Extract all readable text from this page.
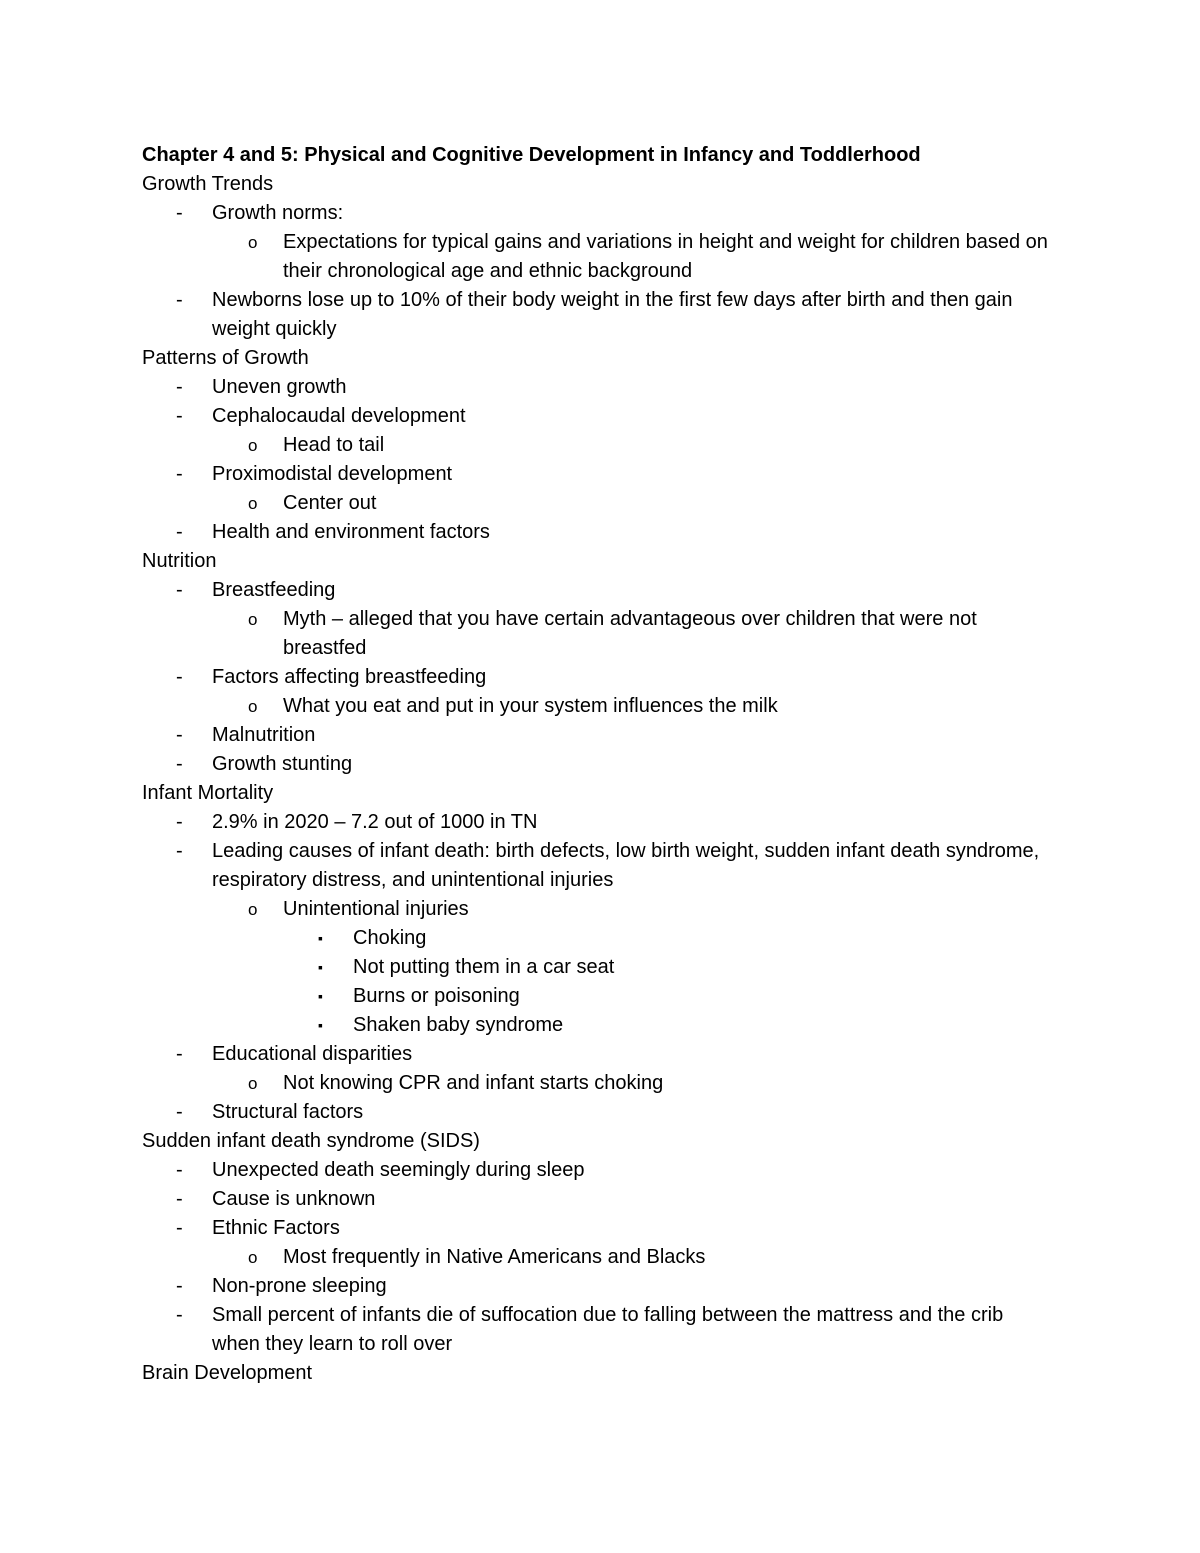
Chapter 4 and 5: Physical and Cognitive Development in Infancy and Toddlerhood
Growth Trends
- Growth norms:
o Expectations for typical gains and variations in height and weight for children based on their chronological age and ethnic background
- Newborns lose up to 10% of their body weight in the first few days after birth and then gain weight quickly
Patterns of Growth
- Uneven growth
- Cephalocaudal development
o Head to tail
- Proximodistal development
o Center out
- Health and environment factors
Nutrition
- Breastfeeding
o Myth – alleged that you have certain advantageous over children that were not breastfed
- Factors affecting breastfeeding
o What you eat and put in your system influences the milk
- Malnutrition
- Growth stunting
Infant Mortality
- 2.9% in 2020 – 7.2 out of 1000 in TN
- Leading causes of infant death: birth defects, low birth weight, sudden infant death syndrome, respiratory distress, and unintentional injuries
o Unintentional injuries
▪ Choking
▪ Not putting them in a car seat
▪ Burns or poisoning
▪ Shaken baby syndrome
- Educational disparities
o Not knowing CPR and infant starts choking
- Structural factors
Sudden infant death syndrome (SIDS)
- Unexpected death seemingly during sleep
- Cause is unknown
- Ethnic Factors
o Most frequently in Native Americans and Blacks
- Non-prone sleeping
- Small percent of infants die of suffocation due to falling between the mattress and the crib when they learn to roll over
Brain Development
